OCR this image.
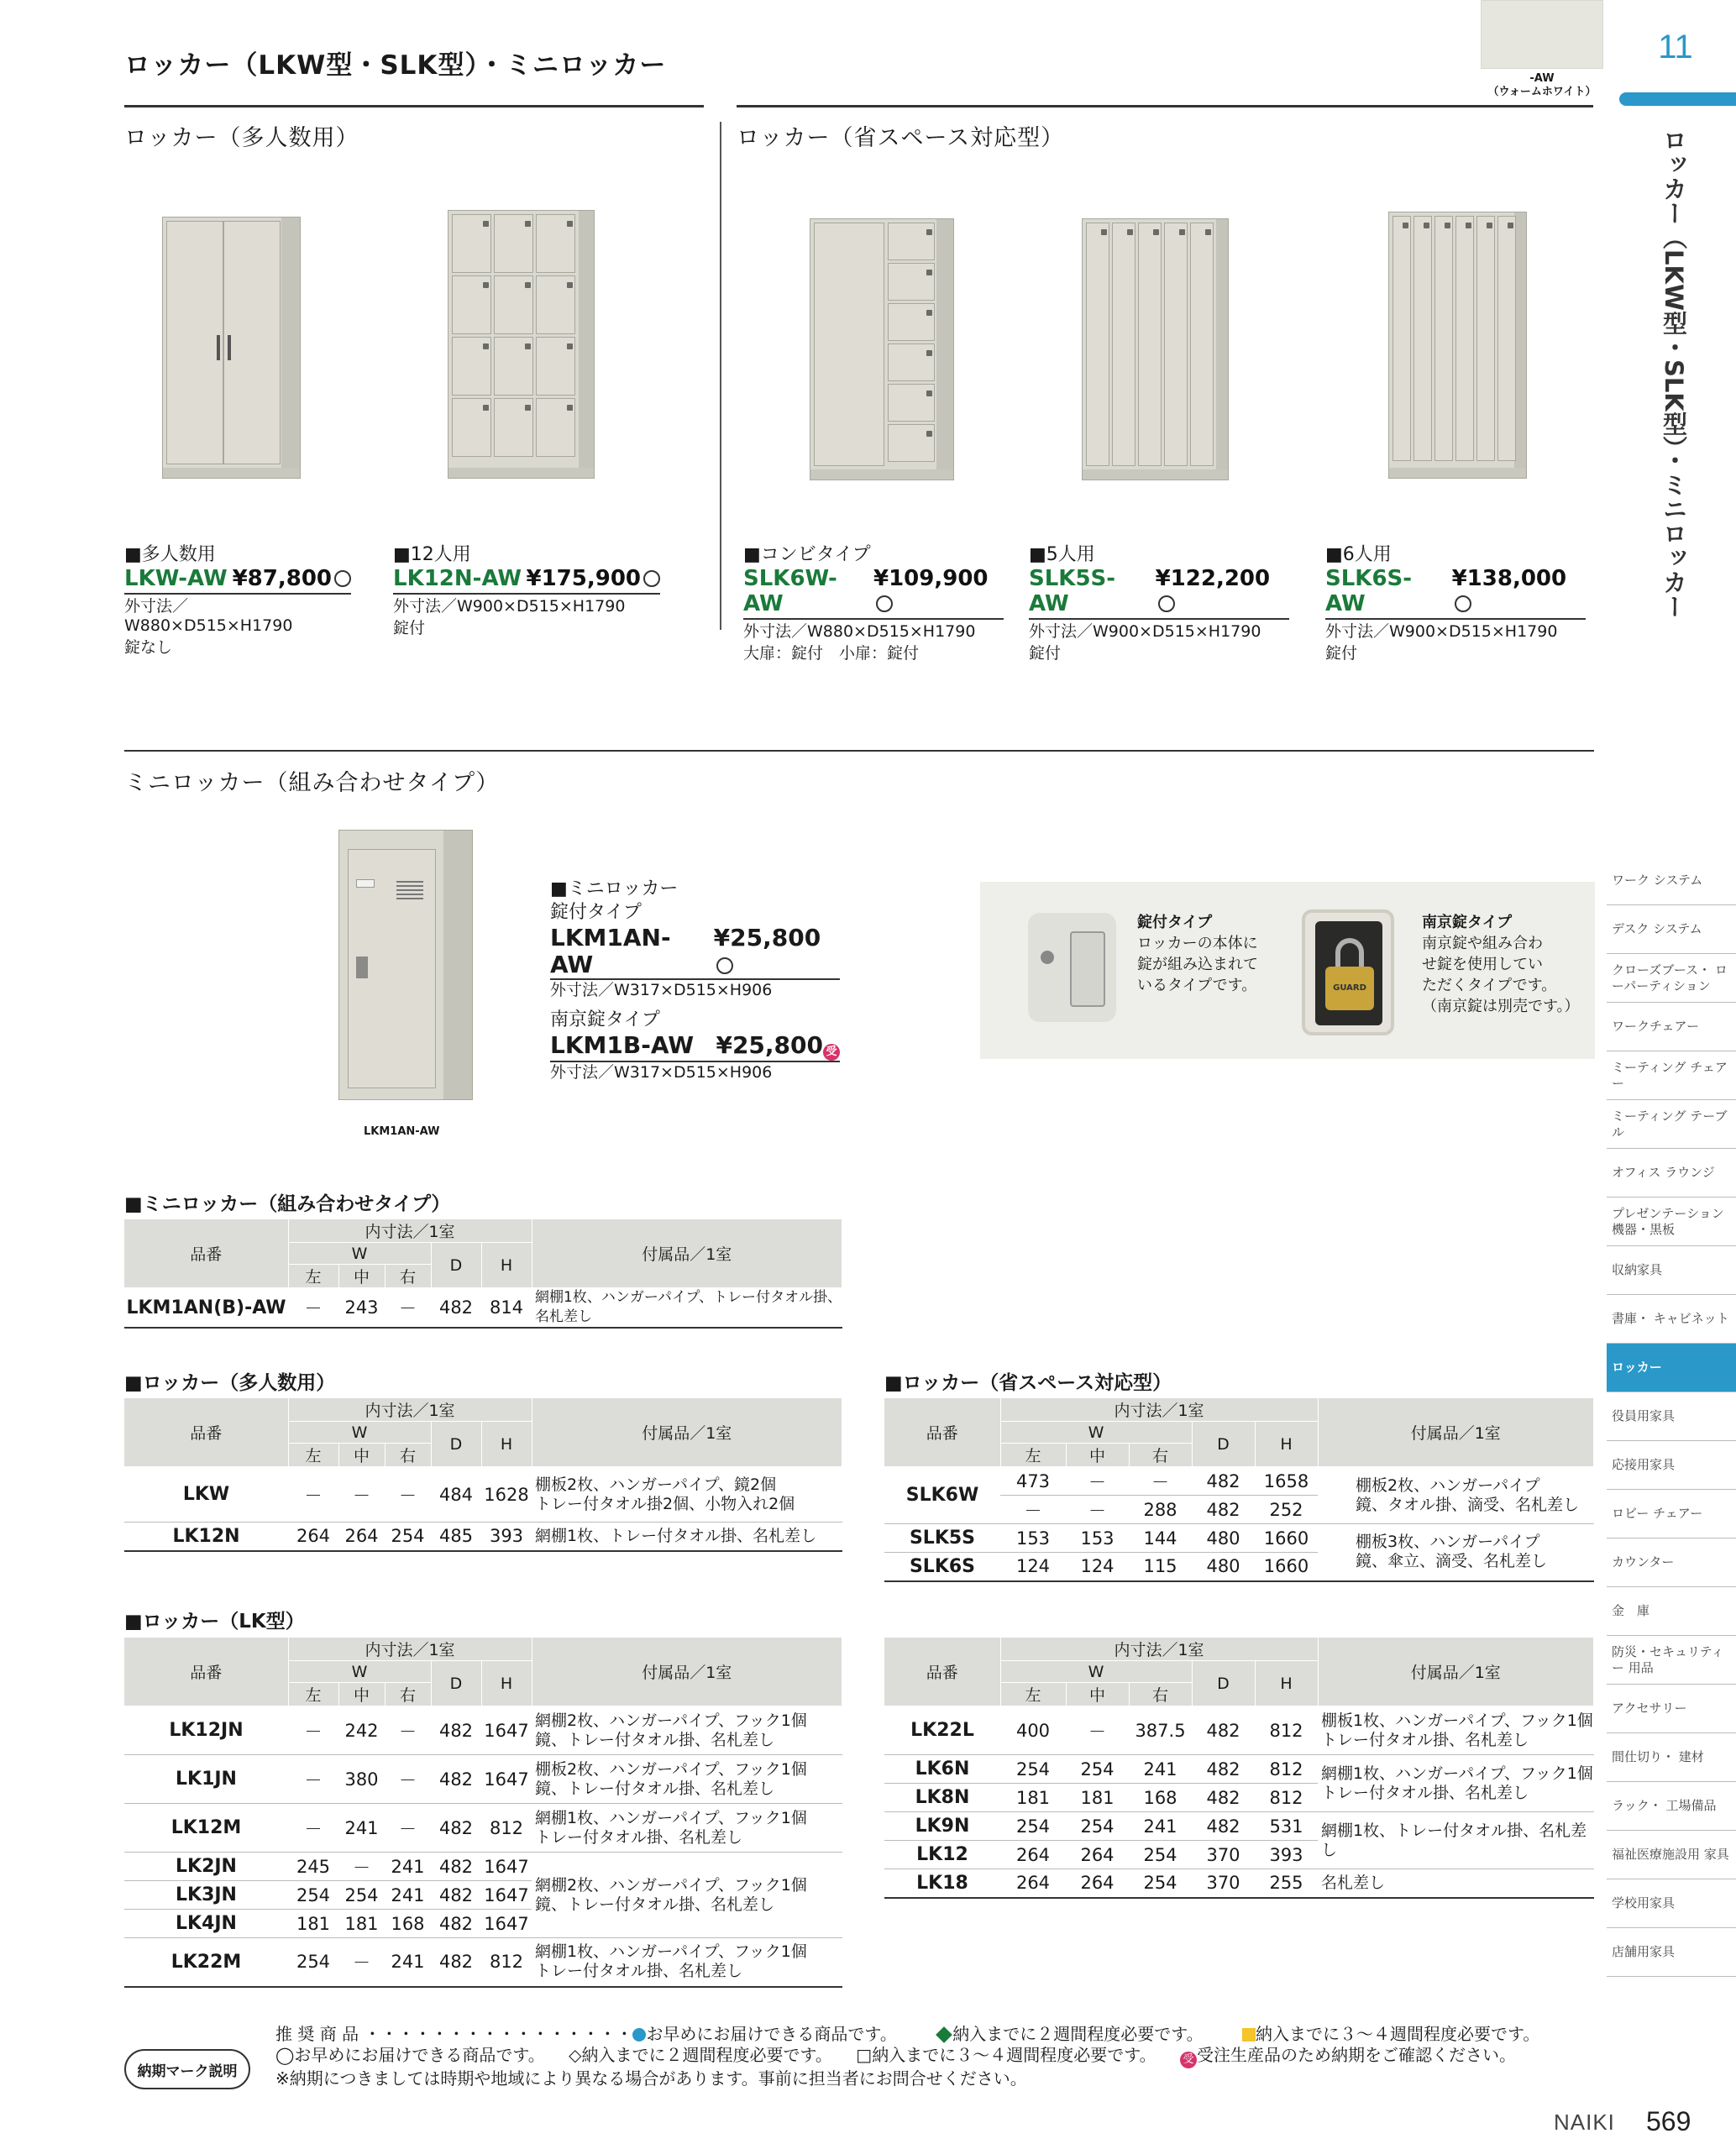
ロッカー（LKW型・SLK型）・ミニロッカー	-AW
（ウォームホワイト）
11
ロッカー（LKW型・SLK型）・ミニロッカー
ロッカー（多人数用）	ロッカー（省スペース対応型）
■多人数用
LKW-AW ¥87,800
外寸法／W880×D515×H1790
錠なし
■12人用
LK12N-AW ¥175,900
外寸法／W900×D515×H1790
錠付
■コンビタイプ
SLK6W-AW
¥109,900
外寸法／W880×D515×H1790
大扉：錠付　小扉：錠付
■5人用
SLK5S-AW
¥122,200
外寸法／W900×D515×H1790
錠付
■6人用
SLK6S-AW
¥138,000
外寸法／W900×D515×H1790
錠付
ミニロッカー（組み合わせタイプ）
LKM1AN-AW
■ミニロッカー
錠付タイプ
LKM1AN-AW
¥25,800
外寸法／W317×D515×H906
南京錠タイプ
LKM1B-AW ¥25,800 受
外寸法／W317×D515×H906
錠付タイプ
ロッカーの本体に
錠が組み込まれて
いるタイプです。	GUARD
南京錠タイプ
南京錠や組み合わ
せ錠を使用してい
ただくタイプです。
（南京錠は別売です。）
■ミニロッカー（組み合わせタイプ）
品番	内寸法／1室					付属品／1室
	W			D	H	
	左	中	右			
LKM1AN(B)-AW	－	243	－	482	814	網棚1枚、ハンガーパイプ、トレー付タオル掛、名札差し
■ロッカー（多人数用）
品番	内寸法／1室					付属品／1室
	W			D	H	
	左	中	右			
LKW	－	－	－	484	1628	棚板2枚、ハンガーパイプ、鏡2個
トレー付タオル掛2個、小物入れ2個

LK12N	264	264	254	485	393	網棚1枚、トレー付タオル掛、名札差し
■ロッカー（省スペース対応型）
品番	内寸法／1室					付属品／1室
	W			D	H	
	左	中	右			
SLK6W	473	－	－	482	1658	棚板2枚、ハンガーパイプ
鏡、タオル掛、滴受、名札差し

	－	－	288	482	252	
SLK5S	153	153	144	480	1660	棚板3枚、ハンガーパイプ
鏡、傘立、滴受、名札差し

SLK6S	124	124	115	480	1660	
■ロッカー（LK型）
品番	内寸法／1室					付属品／1室
	W			D	H	
	左	中	右			
LK12JN	－	242	－	482	1647	網棚2枚、ハンガーパイプ、フック1個
鏡、トレー付タオル掛、名札差し

LK1JN	－	380	－	482	1647	棚板2枚、ハンガーパイプ、フック1個
鏡、トレー付タオル掛、名札差し

LK12M	－	241	－	482	812	網棚1枚、ハンガーパイプ、フック1個
トレー付タオル掛、名札差し

LK2JN	245	－	241	482	1647	網棚2枚、ハンガーパイプ、フック1個
鏡、トレー付タオル掛、名札差し

LK3JN	254	254	241	482	1647	
LK4JN	181	181	168	482	1647	
LK22M	254	－	241	482	812	網棚1枚、ハンガーパイプ、フック1個
トレー付タオル掛、名札差し
品番	内寸法／1室					付属品／1室
	W			D	H	
	左	中	右			
LK22L	400	－	387.5	482	812	棚板1枚、ハンガーパイプ、フック1個
トレー付タオル掛、名札差し

LK6N	254	254	241	482	812	網棚1枚、ハンガーパイプ、フック1個
トレー付タオル掛、名札差し

LK8N	181	181	168	482	812	
LK9N	254	254	241	482	531	網棚1枚、トレー付タオル掛、名札差し
LK12	264	264	254	370	393	
LK18	264	264	254	370	255	名札差し
ワーク システム
デスク システム
クローズブース・ ローパーティション
ワークチェアー
ミーティング チェアー
ミーティング テーブル
オフィス ラウンジ
プレゼンテーション 機器・黒板
収納家具
書庫・ キャビネット
ロッカー
役員用家具
応接用家具
ロビー チェアー
カウンター
金　庫
防災・セキュリティー 用品
アクセサリー
間仕切り・ 建材
ラック・ 工場備品
福祉医療施設用 家具
学校用家具
店舗用家具
納期マーク説明
推 奨 商 品 ・・・・・・・・・・・・・・・・ お早めにお届けできる商品です。	納入までに２週間程度必要です。	納入までに３～４週間程度必要です。
◯お早めにお届けできる商品です。 ◇納入までに２週間程度必要です。 □納入までに３～４週間程度必要です。 受 受注生産品のため納期をご確認ください。
※納期につきましては時期や地域により異なる場合があります。事前に担当者にお問合せください。
NAIKI 569
